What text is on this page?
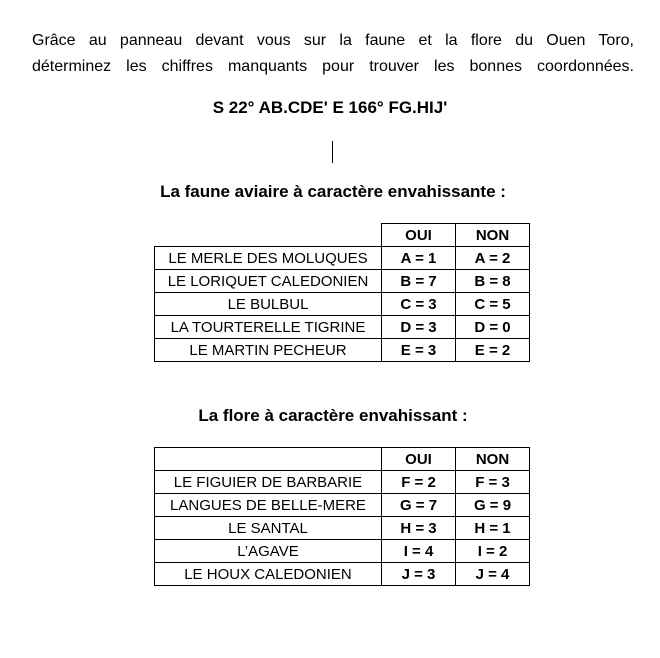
Grâce au panneau devant vous sur la faune et la flore du Ouen Toro,
déterminez les chiffres manquants pour trouver les bonnes coordonnées.

S 22° AB.CDE' E 166° FG.HIJ'

La faune aviaire à caractère envahissante :

	OUI	NON
LE MERLE DES MOLUQUES	A = 1	A = 2
LE LORIQUET CALEDONIEN	B = 7	B = 8
LE BULBUL	C = 3	C = 5
LA TOURTERELLE TIGRINE	D = 3	D = 0
LE MARTIN PECHEUR	E = 3	E = 2

La flore à caractère envahissant :

	OUI	NON
LE FIGUIER DE BARBARIE	F = 2	F = 3
LANGUES DE BELLE-MERE	G = 7	G = 9
LE SANTAL	H = 3	H = 1
L’AGAVE	I = 4	I = 2
LE HOUX CALEDONIEN	J = 3	J = 4
